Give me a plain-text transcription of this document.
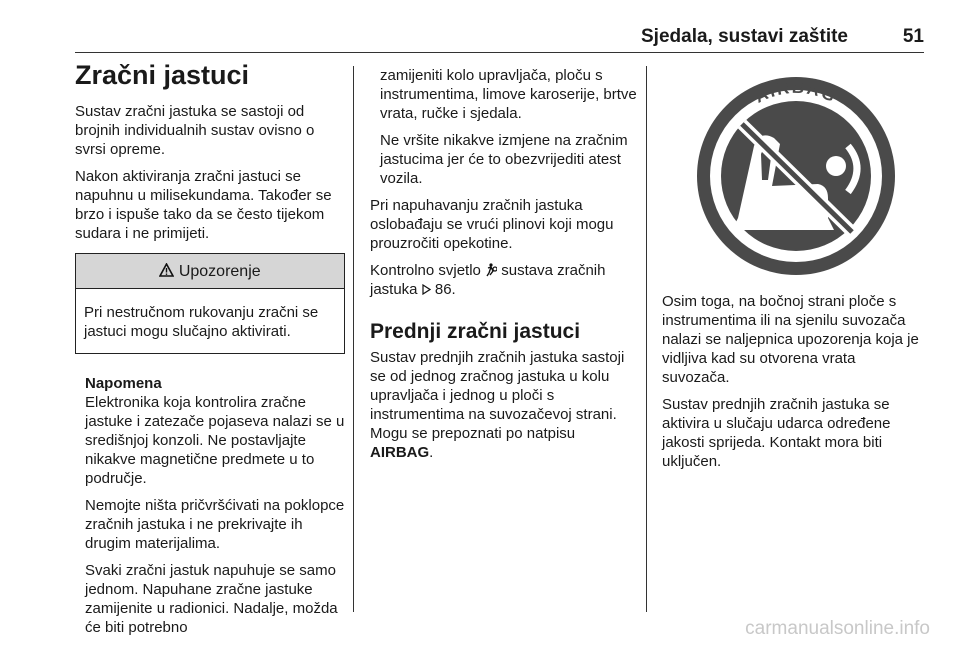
Sjedala, sustavi zaštite	51
Zračni jastuci

Sustav zračni jastuka se sastoji od brojnih individualnih sustav ovisno o svrsi opreme.

Nakon aktiviranja zračni jastuci se napuhnu u milisekundama. Također se brzo i ispuše tako da se često tijekom sudara i ne primijeti.

Upozorenje
Pri nestručnom rukovanju zračni se jastuci mogu slučajno aktivirati.
Napomena

Elektronika koja kontrolira zračne jastuke i zatezače pojaseva nalazi se u središnjoj konzoli. Ne postavljajte nikakve magnetične predmete u to područje.

Nemojte ništa pričvršćivati na poklopce zračnih jastuka i ne prekrivajte ih drugim materijalima.

Svaki zračni jastuk napuhuje se samo jednom. Napuhane zračne jastuke zamijenite u radionici. Nadalje, možda će biti potrebno

zamijeniti kolo upravljača, ploču s instrumentima, limove karoserije, brtve vrata, ručke i sjedala.

Ne vršite nikakve izmjene na zračnim jastucima jer će to obezvrijediti atest vozila.

Pri napuhavanju zračnih jastuka oslobađaju se vrući plinovi koji mogu prouzročiti opekotine.

Kontrolno svjetlo sustava zračnih jastuka 86.

Prednji zračni jastuci

Sustav prednjih zračnih jastuka sastoji se od jednog zračnog jastuka u kolu upravljača i jednog u ploči s instrumentima na suvozačevoj strani. Mogu se prepoznati po natpisu AIRBAG.

AIRBAG

Osim toga, na bočnoj strani ploče s instrumentima ili na sjenilu suvozača nalazi se naljepnica upozorenja koja je vidljiva kad su otvorena vrata suvozača.

Sustav prednjih zračnih jastuka se aktivira u slučaju udarca određene jakosti sprijeda. Kontakt mora biti uključen.

carmanualsonline.info
